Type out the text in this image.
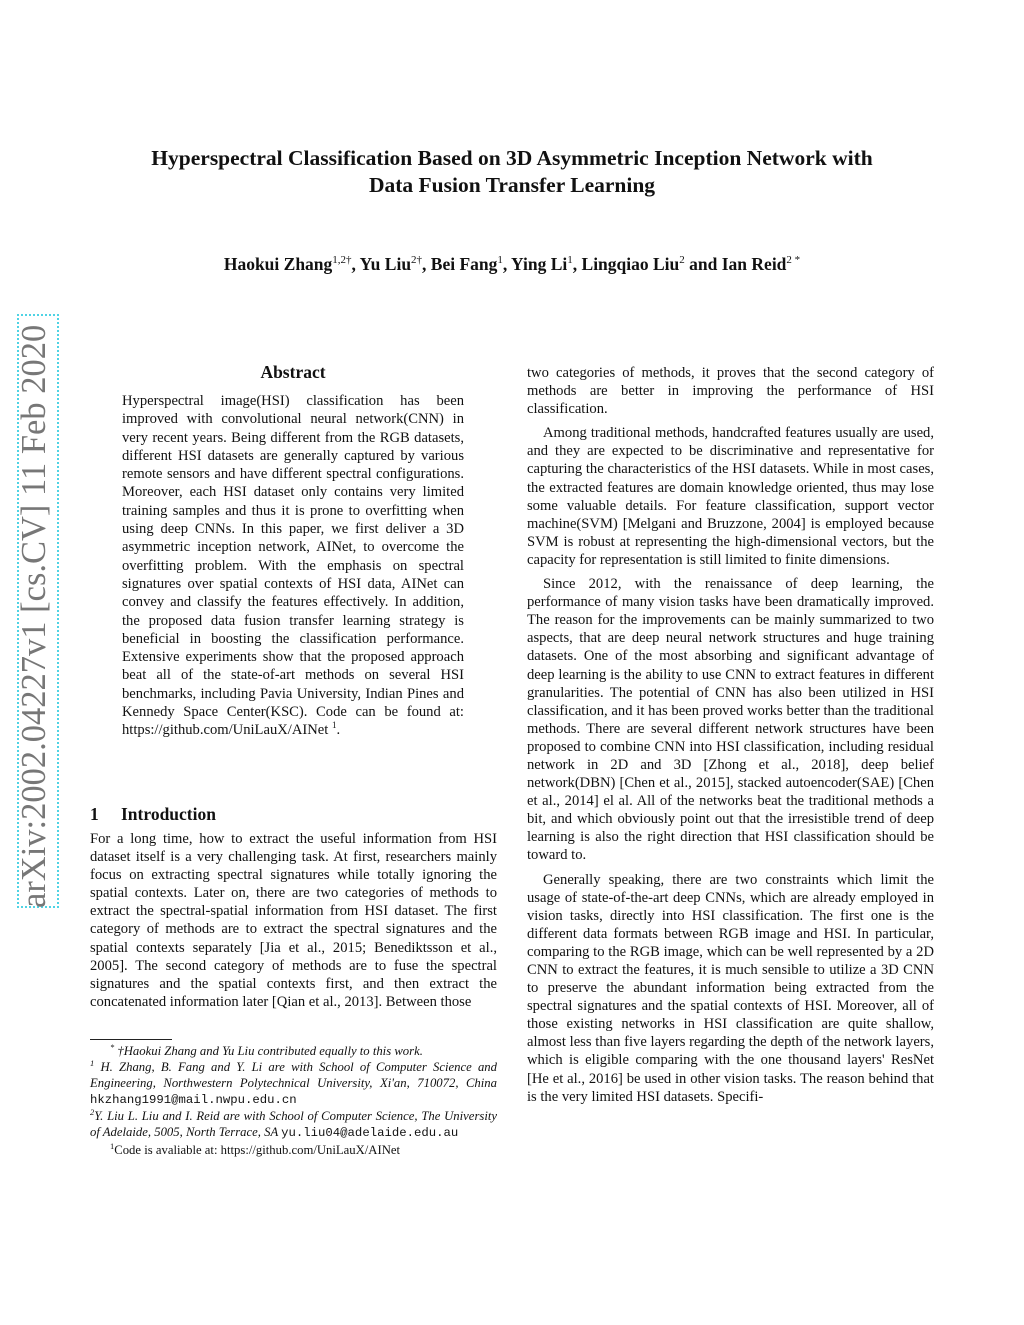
Hyperspectral Classification Based on 3D Asymmetric Inception Network with
Data Fusion Transfer Learning
Haokui Zhang$^{1,2\dagger}$, Yu Liu$^{2\dagger}$, Bei Fang$^1$, Ying Li$^1$, Lingqiao Liu$^2$ and Ian Reid$^{2 *}$
arXiv:2002.04227v1 [cs.CV] 11 Feb 2020	Abstract
Hyperspectral image(HSI) classification has been improved with convolutional neural network(CNN) in very recent years. Being different from the RGB datasets, different HSI datasets are generally captured by various remote sensors and have different spectral configurations. Moreover, each HSI dataset only contains very limited training samples and thus it is prone to overfitting when using deep CNNs. In this paper, we first deliver a 3D asymmetric inception network, AINet, to overcome the overfitting problem. With the emphasis on spectral signatures over spatial contexts of HSI data, AINet can convey and classify the features effectively. In addition, the proposed data fusion transfer learning strategy is beneficial in boosting the classification performance. Extensive experiments show that the proposed approach beat all of the state-of-art methods on several HSI benchmarks, including Pavia University, Indian Pines and Kennedy Space Center(KSC). Code can be found at: https://github.com/UniLauX/AINet $^1$.
1 Introduction

For a long time, how to extract the useful information from HSI dataset itself is a very challenging task. At first, researchers mainly focus on extracting spectral signatures while totally ignoring the spatial contexts. Later on, there are two categories of methods to extract the spectral-spatial information from HSI dataset. The first category of methods are to extract the spectral signatures and the spatial contexts separately [Jia et al., 2015; Benediktsson et al., 2005]. The second category of methods are to fuse the spectral signatures and the spatial contexts first, and then extract the concatenated information later [Qian et al., 2013]. Between those

two categories of methods, it proves that the second category of methods are better in improving the performance of HSI classification.

Among traditional methods, handcrafted features usually are used, and they are expected to be discriminative and representative for capturing the characteristics of the HSI datasets. While in most cases, the extracted features are domain knowledge oriented, thus may lose some valuable details. For feature classification, support vector machine(SVM) [Melgani and Bruzzone, 2004] is employed because SVM is robust at representing the high-dimensional vectors, but the capacity for representation is still limited to finite dimensions.

Since 2012, with the renaissance of deep learning, the performance of many vision tasks have been dramatically improved. The reason for the improvements can be mainly summarized to two aspects, that are deep neural network structures and huge training datasets. One of the most absorbing and significant advantage of deep learning is the ability to use CNN to extract features in different granularities. The potential of CNN has also been utilized in HSI classification, and it has been proved works better than the traditional methods. There are several different network structures have been proposed to combine CNN into HSI classification, including residual network in 2D and 3D [Zhong et al., 2018], deep belief network(DBN) [Chen et al., 2015], stacked autoencoder(SAE) [Chen et al., 2014] el al. All of the networks beat the traditional methods a bit, and which obviously point out that the irresistible trend of deep learning is also the right direction that HSI classification should be toward to.

Generally speaking, there are two constraints which limit the usage of state-of-the-art deep CNNs, which are already employed in vision tasks, directly into HSI classification. The first one is the different data formats between RGB image and HSI. In particular, comparing to the RGB image, which can be well represented by a 2D CNN to extract the features, it is much sensible to utilize a 3D CNN to preserve the abundant information being extracted from the spectral signatures and the spatial contexts of HSI. Moreover, all of those existing networks in HSI classification are quite shallow, almost less than five layers regarding the depth of the network layers, which is eligible comparing with the one thousand layers' ResNet [He et al., 2016] be used in other vision tasks. The reason behind that is the very limited HSI datasets. Specifi-

* †Haokui Zhang and Yu Liu contributed equally to this work.

$^1$ H. Zhang, B. Fang and Y. Li are with School of Computer Science and Engineering, Northwestern Polytechnical University, Xi'an, 710072, China hkzhang1991@mail.nwpu.edu.cn

$^2$Y. Liu L. Liu and I. Reid are with School of Computer Science, The University of Adelaide, 5005, North Terrace, SA yu.liu04@adelaide.edu.au

$^1$Code is avaliable at: https://github.com/UniLauX/AINet
